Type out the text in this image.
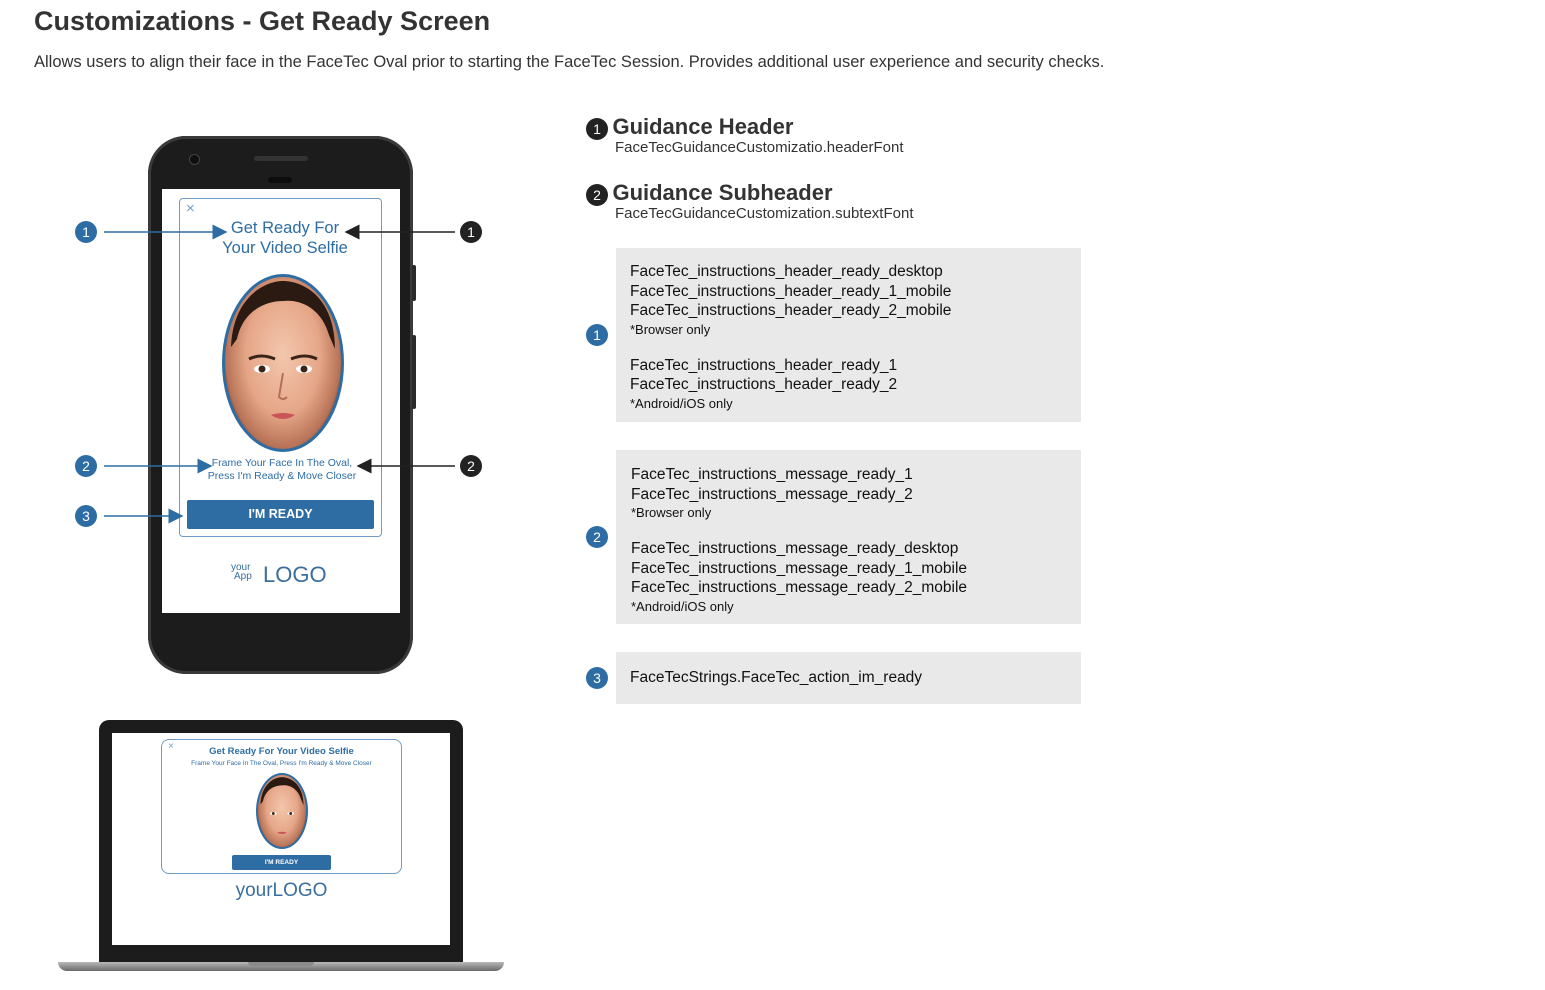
Customizations - Get Ready Screen

Allows users to align their face in the FaceTec Oval prior to starting the FaceTec Session. Provides additional user experience and security checks.

1 Guidance Header
FaceTecGuidanceCustomizatio.headerFont
2 Guidance Subheader
FaceTecGuidanceCustomization.subtextFont
1
FaceTec_instructions_header_ready_desktop
FaceTec_instructions_header_ready_1_mobile
FaceTec_instructions_header_ready_2_mobile
*Browser only
FaceTec_instructions_header_ready_1
FaceTec_instructions_header_ready_2
*Android/iOS only
2
FaceTec_instructions_message_ready_1
FaceTec_instructions_message_ready_2
*Browser only
FaceTec_instructions_message_ready_desktop
FaceTec_instructions_message_ready_1_mobile
FaceTec_instructions_message_ready_2_mobile
*Android/iOS only
3	FaceTecStrings.FaceTec_action_im_ready
×
Get Ready For
Your Video Selfie
Frame Your Face In The Oval,
Press I'm Ready & Move Closer
I'M READY
your
App LOGO
1
2
3
1
2
×	Get Ready For Your Video Selfie
Frame Your Face In The Oval, Press I'm Ready & Move Closer
I'M READY
yourLOGO
